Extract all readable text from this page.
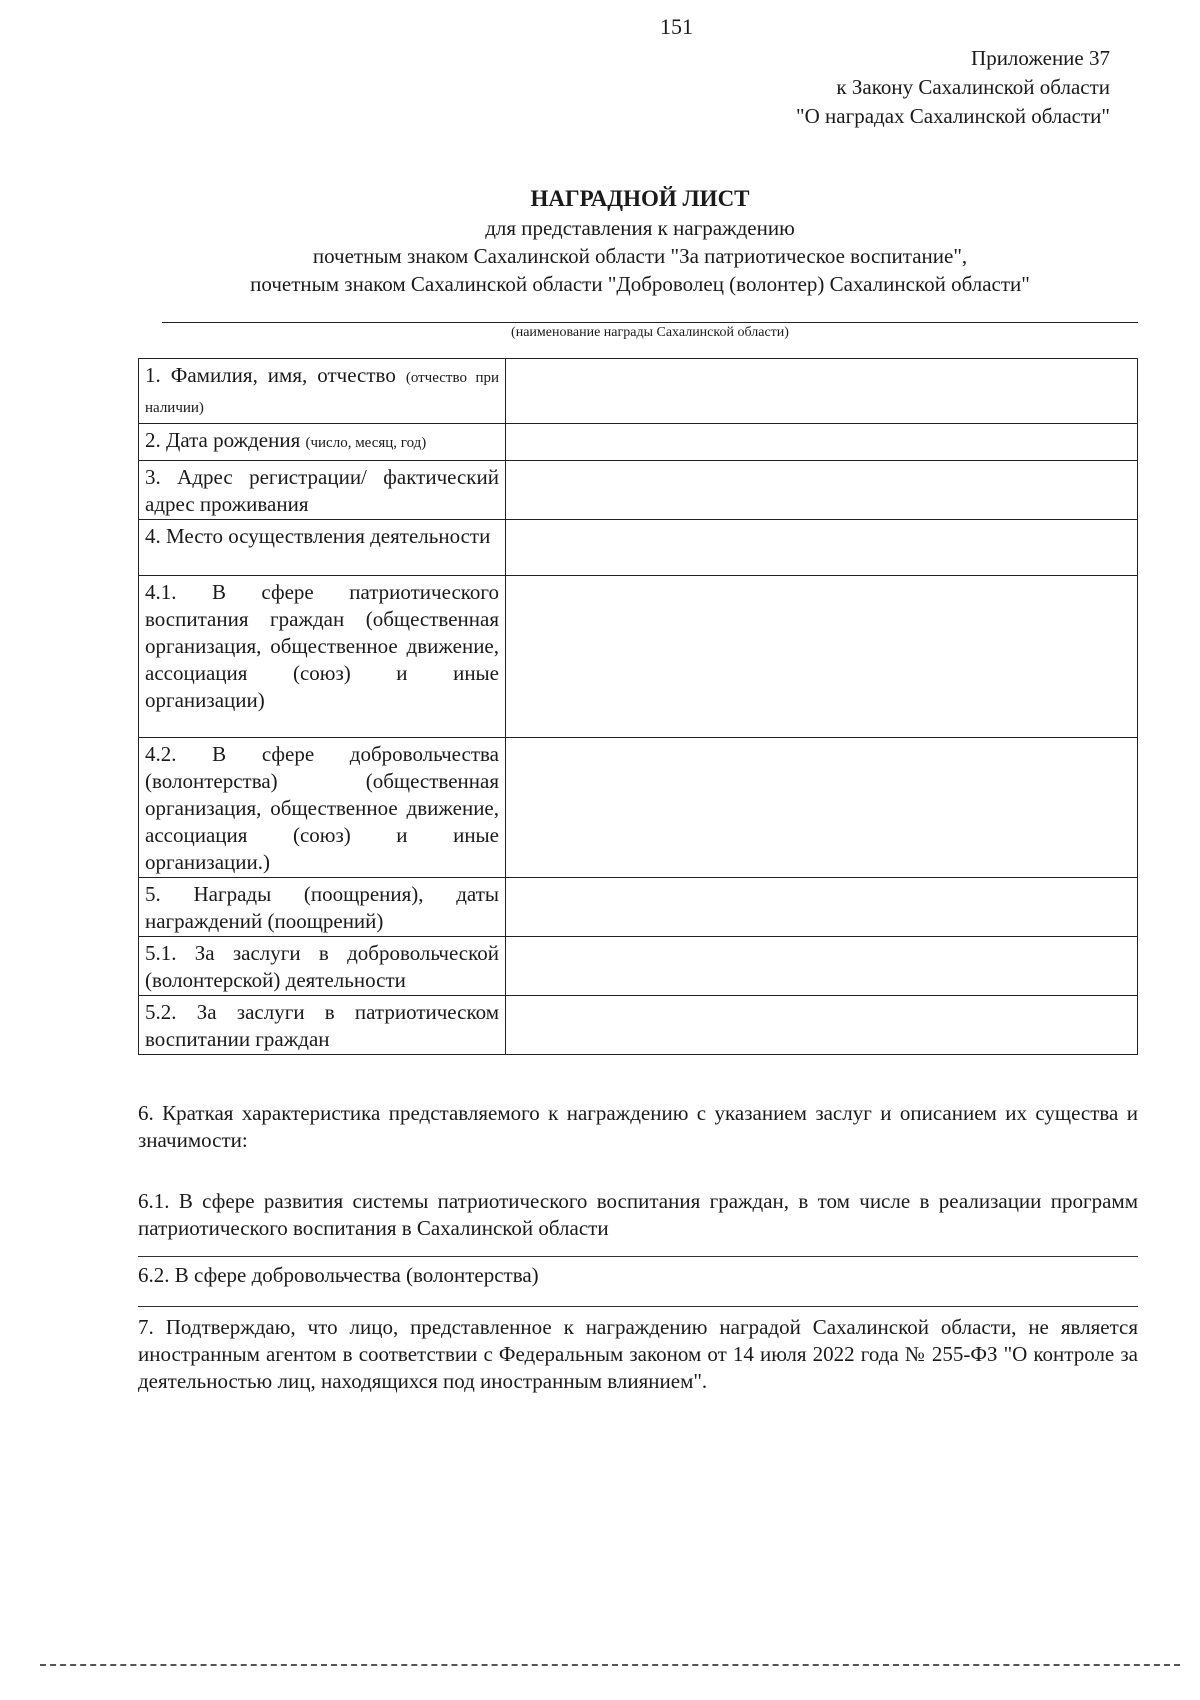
151
Приложение 37
к Закону Сахалинской области
"О наградах Сахалинской области"
НАГРАДНОЙ ЛИСТ
для представления к награждению
почетным знаком Сахалинской области "За патриотическое воспитание",
почетным знаком Сахалинской области "Доброволец (волонтер) Сахалинской области"
(наименование награды Сахалинской области)
1. Фамилия, имя, отчество (отчество при наличии)	
2. Дата рождения (число, месяц, год)	
3. Адрес регистрации/ фактический адрес проживания	
4. Место осуществления деятельности	
4.1. В сфере патриотического воспитания граждан (общественная организация, общественное движение, ассоциация (союз) и иные организации)	
4.2. В сфере добровольчества (волонтерства) (общественная организация, общественное движение, ассоциация (союз) и иные организации.)	
5. Награды (поощрения), даты награждений (поощрений)	
5.1. За заслуги в добровольческой (волонтерской) деятельности	
5.2. За заслуги в патриотическом воспитании граждан	
6. Краткая характеристика представляемого к награждению с указанием заслуг и описанием их существа и значимости:
6.1. В сфере развития системы патриотического воспитания граждан, в том числе в реализации программ патриотического воспитания в Сахалинской области
6.2. В сфере добровольчества (волонтерства)
7. Подтверждаю, что лицо, представленное к награждению наградой Сахалинской области, не является иностранным агентом в соответствии с Федеральным законом от 14 июля 2022 года № 255-ФЗ "О контроле за деятельностью лиц, находящихся под иностранным влиянием".
